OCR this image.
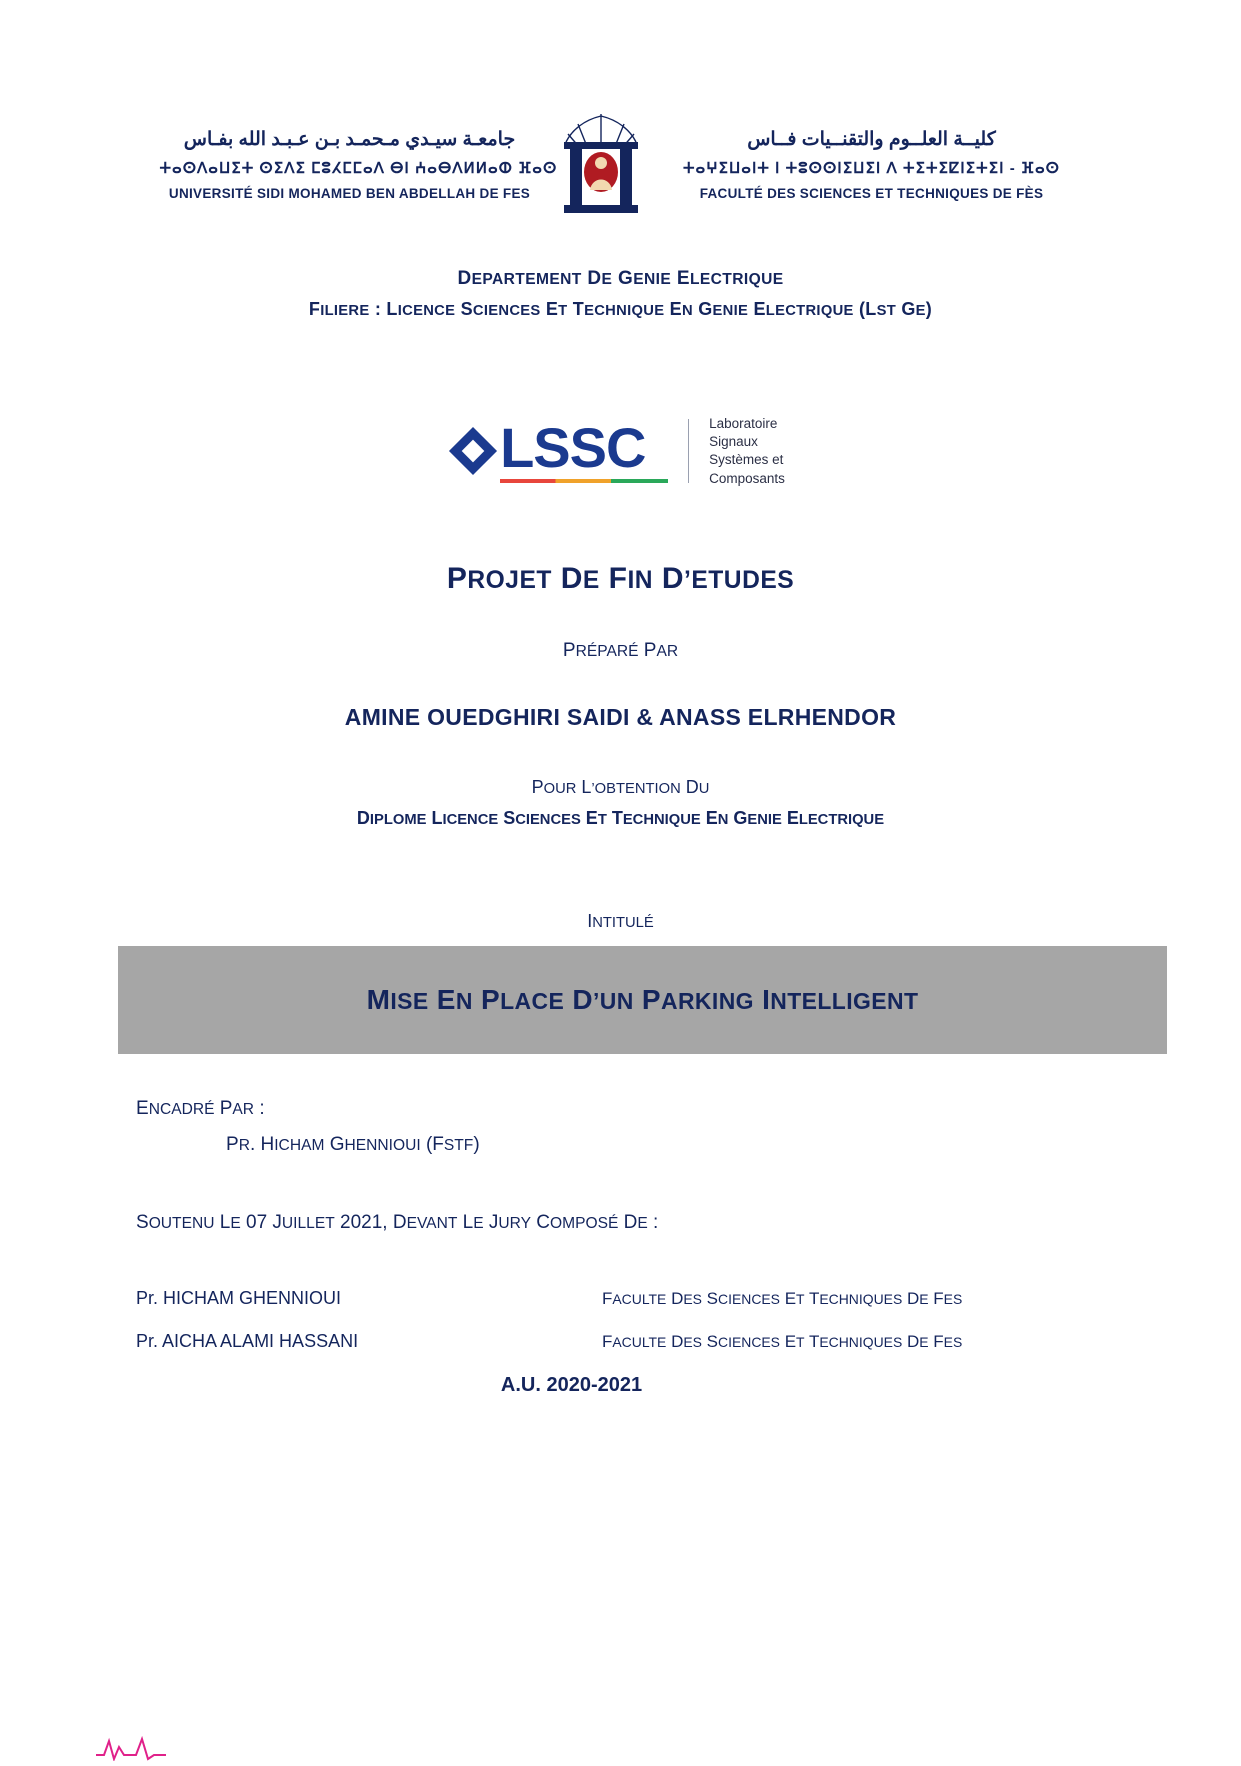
جامعـة سيـدي مـحمـد بـن عـبـد الله بفـاس
ⵜⴰⵙⴷⴰⵡⵉⵜ ⵙⵉⴷⵉ ⵎⵓⵃⵎⵎⴰⴷ ⴱⵏ ⵄⴰⴱⴷⵍⵍⴰⵀ ⴼⴰⵙ
UNIVERSITÉ SIDI MOHAMED BEN ABDELLAH DE FES
كليــة العلــوم والتقنــيات فــاس
ⵜⴰⵖⵉⵡⴰⵏⵜ ⵏ ⵜⵓⵙⵙⵏⵉⵡⵉⵏ ⴷ ⵜⵉⵜⵉⵇⵏⵉⵜⵉⵏ - ⴼⴰⵙ
FACULTÉ DES SCIENCES ET TECHNIQUES DE FÈS
DEPARTEMENT DE GENIE ELECTRIQUE
FILIERE : LICENCE SCIENCES ET TECHNIQUE EN GENIE ELECTRIQUE (LST GE)
LSSC	Laboratoire
Signaux
Systèmes et
Composants
PROJET DE FIN D’ETUDES
PRÉPARÉ PAR
AMINE OUEDGHIRI SAIDI & ANASS ELRHENDOR
POUR L’OBTENTION DU
DIPLOME LICENCE SCIENCES ET TECHNIQUE EN GENIE ELECTRIQUE
INTITULÉ
MISE EN PLACE D’UN PARKING INTELLIGENT
ENCADRÉ PAR :
PR. HICHAM GHENNIOUI (FSTF)
SOUTENU LE 07 JUILLET 2021, DEVANT LE JURY COMPOSÉ DE :
Pr. HICHAM GHENNIOUI	FACULTE DES SCIENCES ET TECHNIQUES DE FES
Pr. AICHA ALAMI HASSANI	FACULTE DES SCIENCES ET TECHNIQUES DE FES
A.U. 2020-2021
